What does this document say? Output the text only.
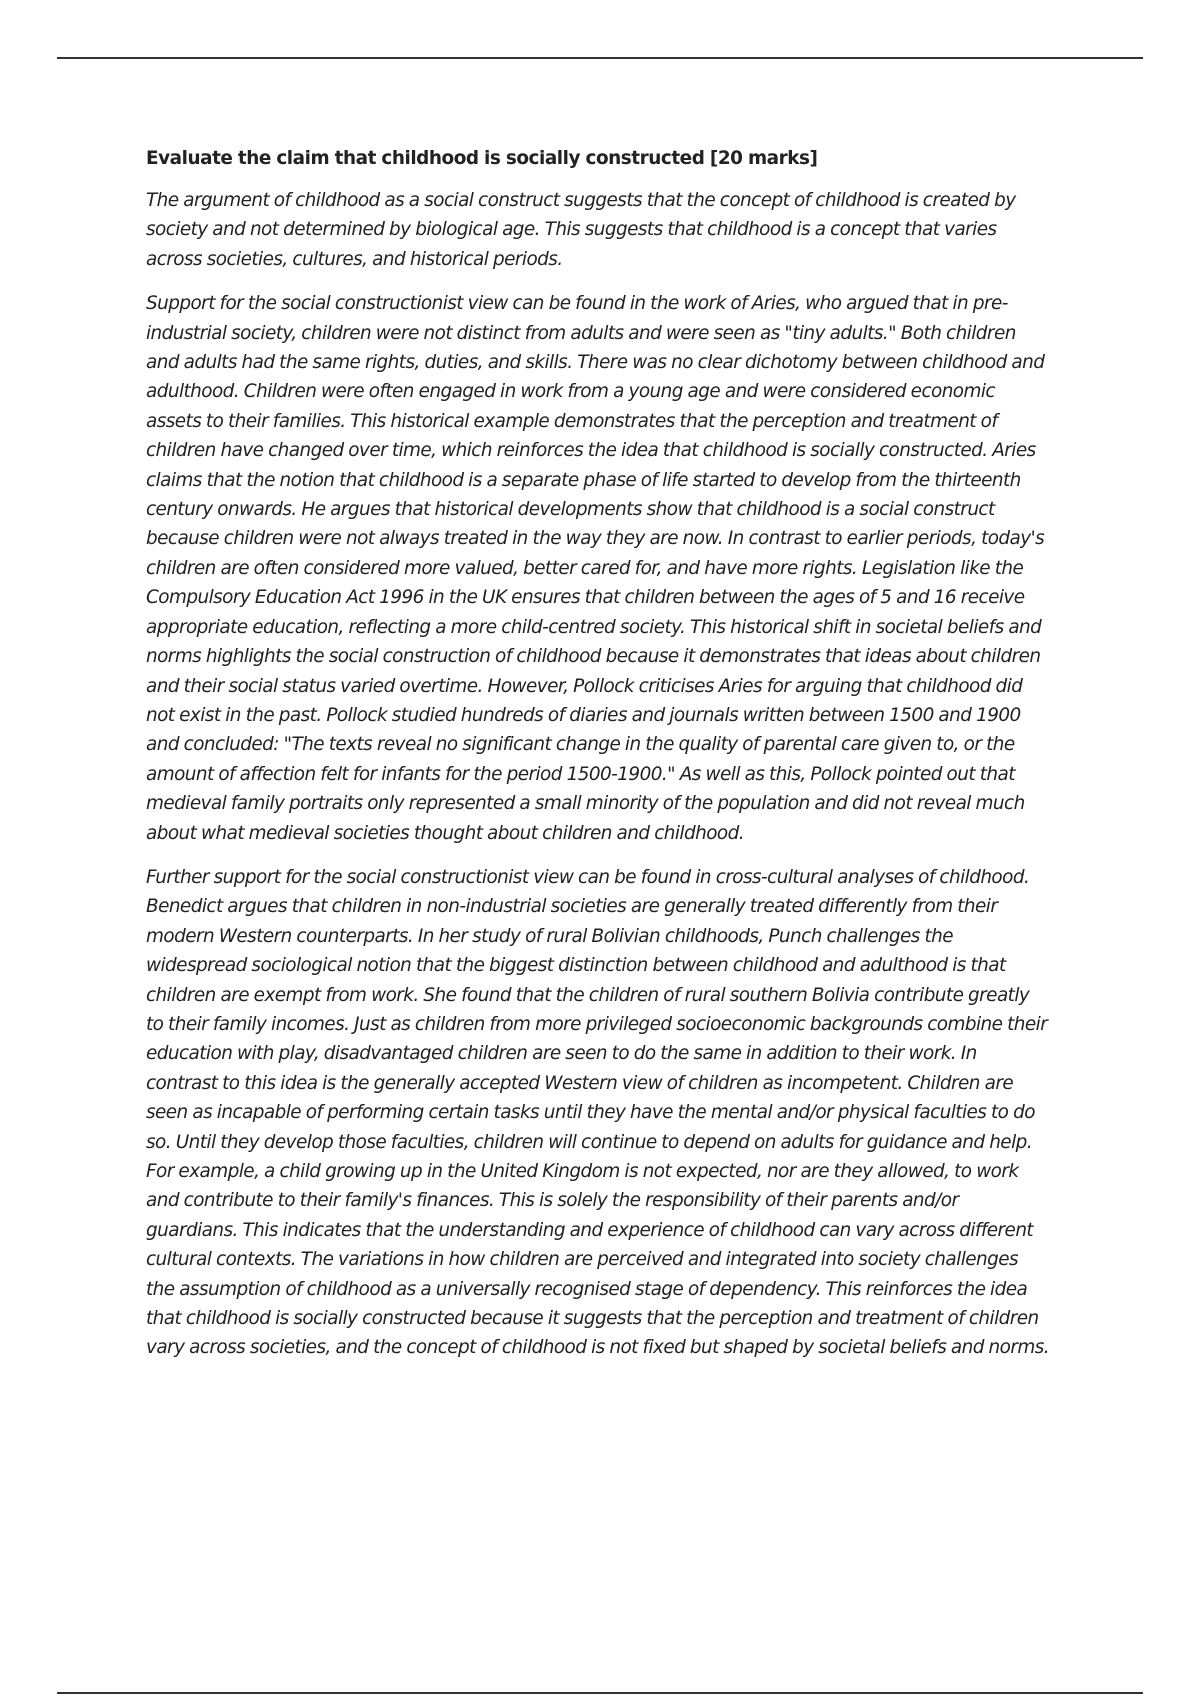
Evaluate the claim that childhood is socially constructed [20 marks]

The argument of childhood as a social construct suggests that the concept of childhood is created by society and not determined by biological age. This suggests that childhood is a concept that varies across societies, cultures, and historical periods.

Support for the social constructionist view can be found in the work of Aries, who argued that in pre-industrial society, children were not distinct from adults and were seen as "tiny adults." Both children and adults had the same rights, duties, and skills. There was no clear dichotomy between childhood and adulthood. Children were often engaged in work from a young age and were considered economic assets to their families. This historical example demonstrates that the perception and treatment of children have changed over time, which reinforces the idea that childhood is socially constructed. Aries claims that the notion that childhood is a separate phase of life started to develop from the thirteenth century onwards. He argues that historical developments show that childhood is a social construct because children were not always treated in the way they are now. In contrast to earlier periods, today's children are often considered more valued, better cared for, and have more rights. Legislation like the Compulsory Education Act 1996 in the UK ensures that children between the ages of 5 and 16 receive appropriate education, reflecting a more child-centred society. This historical shift in societal beliefs and norms highlights the social construction of childhood because it demonstrates that ideas about children and their social status varied overtime. However, Pollock criticises Aries for arguing that childhood did not exist in the past. Pollock studied hundreds of diaries and journals written between 1500 and 1900 and concluded: "The texts reveal no significant change in the quality of parental care given to, or the amount of affection felt for infants for the period 1500-1900." As well as this, Pollock pointed out that medieval family portraits only represented a small minority of the population and did not reveal much about what medieval societies thought about children and childhood.

Further support for the social constructionist view can be found in cross-cultural analyses of childhood. Benedict argues that children in non-industrial societies are generally treated differently from their modern Western counterparts. In her study of rural Bolivian childhoods, Punch challenges the widespread sociological notion that the biggest distinction between childhood and adulthood is that children are exempt from work. She found that the children of rural southern Bolivia contribute greatly to their family incomes. Just as children from more privileged socioeconomic backgrounds combine their education with play, disadvantaged children are seen to do the same in addition to their work. In contrast to this idea is the generally accepted Western view of children as incompetent. Children are seen as incapable of performing certain tasks until they have the mental and/or physical faculties to do so. Until they develop those faculties, children will continue to depend on adults for guidance and help. For example, a child growing up in the United Kingdom is not expected, nor are they allowed, to work and contribute to their family's finances. This is solely the responsibility of their parents and/or guardians. This indicates that the understanding and experience of childhood can vary across different cultural contexts. The variations in how children are perceived and integrated into society challenges the assumption of childhood as a universally recognised stage of dependency. This reinforces the idea that childhood is socially constructed because it suggests that the perception and treatment of children vary across societies, and the concept of childhood is not fixed but shaped by societal beliefs and norms.
